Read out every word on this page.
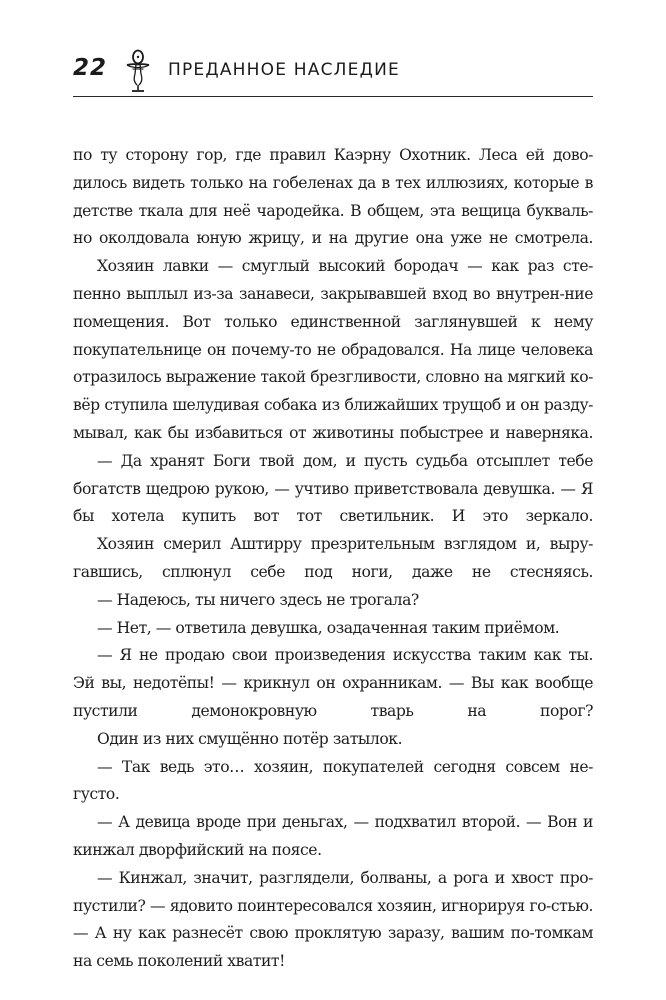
22	ПРЕДАННОЕ НАСЛЕДИЕ

по ту сторону гор, где правил Каэрну Охотник. Леса ей дово-дилось видеть только на гобеленах да в тех иллюзиях, которые в детстве ткала для неё чародейка. В общем, эта вещица букваль-но околдовала юную жрицу, и на другие она уже не смотрела.

Хозяин лавки — смуглый высокий бородач — как раз сте-пенно выплыл из-за занавеси, закрывавшей вход во внутрен-ние помещения. Вот только единственной заглянувшей к нему покупательнице он почему-то не обрадовался. На лице человека отразилось выражение такой брезгливости, словно на мягкий ко-вёр ступила шелудивая собака из ближайших трущоб и он разду-мывал, как бы избавиться от животины побыстрее и наверняка.

— Да хранят Боги твой дом, и пусть судьба отсыплет тебе богатств щедрою рукою, — учтиво приветствовала девушка. — Я бы хотела купить вот тот светильник. И это зеркало.

Хозяин смерил Аштирру презрительным взглядом и, выру-гавшись, сплюнул себе под ноги, даже не стесняясь.

— Надеюсь, ты ничего здесь не трогала?

— Нет, — ответила девушка, озадаченная таким приёмом.

— Я не продаю свои произведения искусства таким как ты. Эй вы, недотёпы! — крикнул он охранникам. — Вы как вообще пустили демонокровную тварь на порог?

Один из них смущённо потёр затылок.

— Так ведь это… хозяин, покупателей сегодня совсем не-густо.

— А девица вроде при деньгах, — подхватил второй. — Вон и кинжал дворфийский на поясе.

— Кинжал, значит, разглядели, болваны, а рога и хвост про-пустили? — ядовито поинтересовался хозяин, игнорируя го-стью. — А ну как разнесёт свою проклятую заразу, вашим по-томкам на семь поколений хватит!
